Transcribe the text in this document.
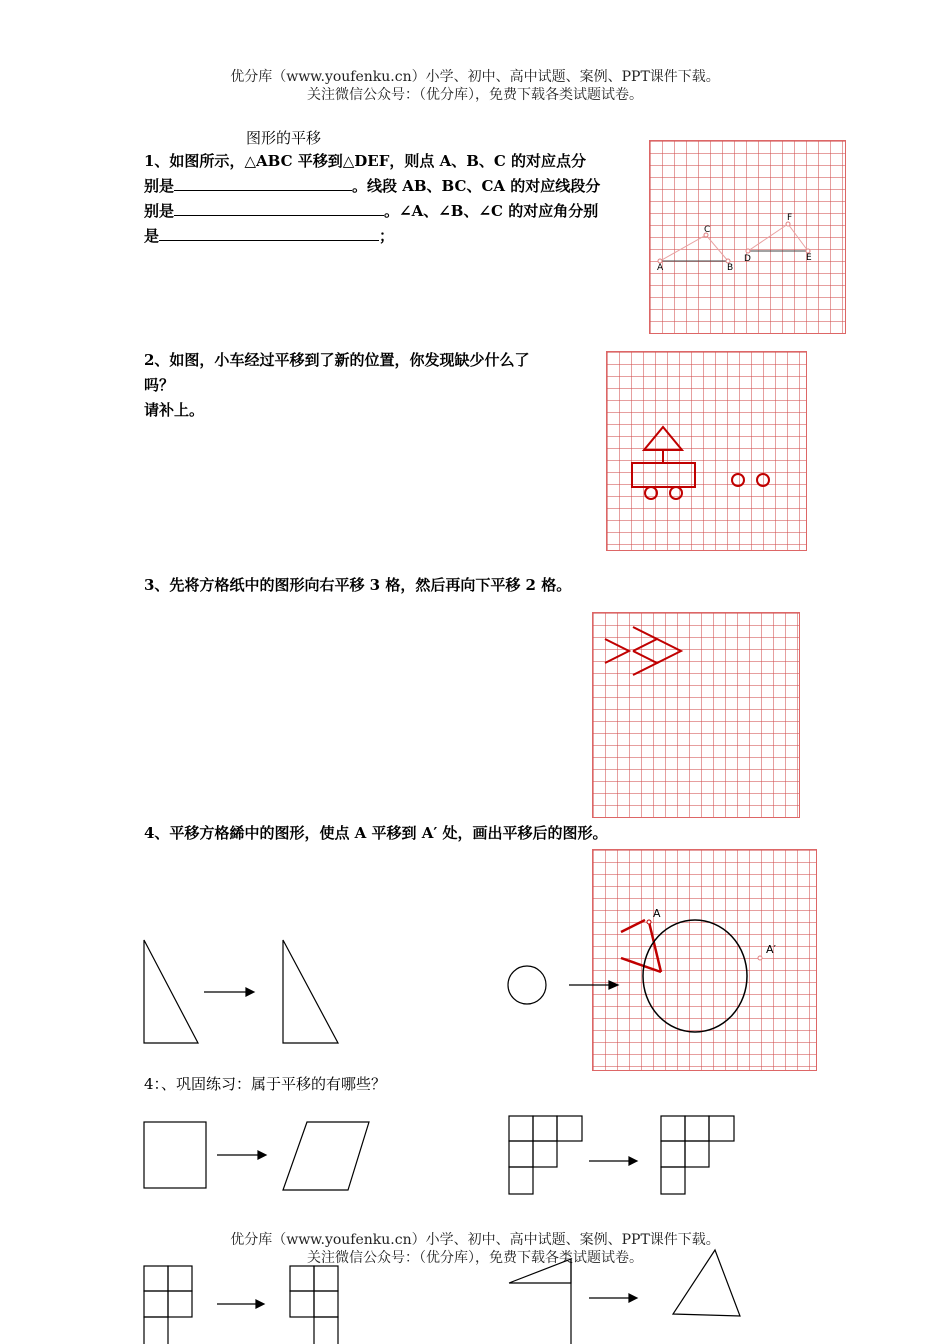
优分库（www.youfenku.cn）小学、初中、高中试题、案例、PPT课件下载。
关注微信公众号：（优分库），免费下载各类试题试卷。
图形的平移
1、如图所示，△ABC 平移到△DEF，则点 A、B、C 的对应点分
别是	。线段 AB、BC、CA 的对应线段分
别是	。∠A、∠B、∠C 的对应角分别
是	；
A	B
C
D	E
F
2、如图，小车经过平移到了新的位置，你发现缺少什么了
吗？
请补上。
3、先将方格纸中的图形向右平移 3 格，然后再向下平移 2 格。
4、平移方格絺中的图形，使点 A 平移到 A′ 处，画出平移后的图形。
A
A′
4：、巩固练习：属于平移的有哪些？
优分库（www.youfenku.cn）小学、初中、高中试题、案例、PPT课件下载。
关注微信公众号：（优分库），免费下载各类试题试卷。
